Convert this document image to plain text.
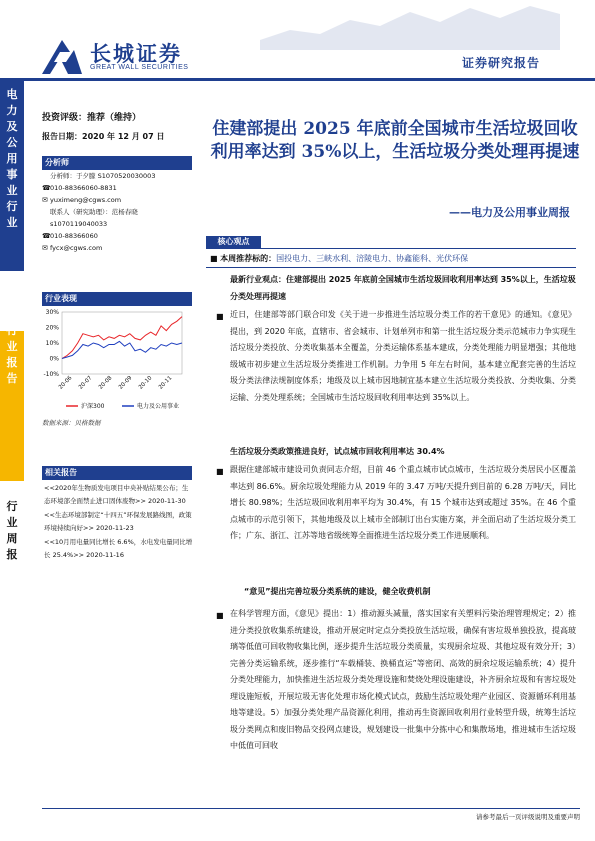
长城证券
GREAT WALL SECURITIES	证券研究报告
电力及公用事业行业
行业报告
行业周报
投资评级：推荐（维持）
报告日期：2020 年 12 月 07 日
分析师
分析师：于夕朦 S1070520030003
☎010-88366060-8831
✉ yuximeng@cgws.com
联系人（研究助理）：范杨春晓
s1070119040033
☎010-88366060
✉ fycx@cgws.com
行业表现
30%
20%
10%
0%
-10%
20-06 20-07 20-08 20-09 20-10 20-11
沪深300	电力及公用事业
数据来源：贝格数据
相关报告
<<2020年生物质发电项目中央补贴结果公布；生态环境部全面禁止进口固体废物>> 2020-11-30
<<生态环境部制定“十四五”环保发展路线图，政策环境持续向好>> 2020-11-23
<<10月用电量同比增长 6.6%，水电发电量同比增长 25.4%>> 2020-11-16
住建部提出 2025 年底前全国城市生活垃圾回收利用率达到 35%以上，生活垃圾分类处理再提速
——电力及公用事业周报
核心观点
■ 本周推荐标的：国投电力、三峡水利、涪陵电力、协鑫能科、光伏环保
最新行业观点：住建部提出 2025 年底前全国城市生活垃圾回收利用率达到 35%以上，生活垃圾分类处理再提速
■ 近日，住建部等部门联合印发《关于进一步推进生活垃圾分类工作的若干意见》的通知。《意见》提出，到 2020 年底，直辖市、省会城市、计划单列市和第一批生活垃圾分类示范城市力争实现生活垃圾分类投放、分类收集基本全覆盖，分类运输体系基本建成，分类处理能力明显增强；其他地级城市初步建立生活垃圾分类推进工作机制。力争用 5 年左右时间，基本建立配套完善的生活垃圾分类法律法规制度体系；地级及以上城市因地制宜基本建立生活垃圾分类投放、分类收集、分类运输、分类处理系统；全国城市生活垃圾回收利用率达到 35%以上。
生活垃圾分类政策推进良好，试点城市回收利用率达 30.4%
■ 跟据住建部城市建设司负责同志介绍，目前 46 个重点城市试点城市，生活垃圾分类居民小区覆盖率达到 86.6%。厨余垃圾处理能力从 2019 年的 3.47 万吨/天提升到目前的 6.28 万吨/天，同比增长 80.98%；生活垃圾回收利用率平均为 30.4%，有 15 个城市达到或超过 35%。在 46 个重点城市的示范引领下，其他地级及以上城市全部制订出台实施方案，并全面启动了生活垃圾分类工作；广东、浙江、江苏等地省级统筹全面推进生活垃圾分类工作进展顺利。
“意见”提出完善垃圾分类系统的建设，健全收费机制
■ 在科学管理方面，《意见》提出：1）推动源头减量，落实国家有关塑料污染治理管理规定；2）推进分类投放收集系统建设，推动开展定时定点分类投放生活垃圾，确保有害垃圾单独投放，提高玻璃等低值可回收物收集比例，逐步提升生活垃圾分类质量，实现厨余垃圾、其他垃圾有效分开；3）完善分类运输系统，逐步推行“车载桶装、换桶直运”等密闭、高效的厨余垃圾运输系统；4）提升分类处理能力，加快推进生活垃圾分类处理设施和焚烧处理设施建设，补齐厨余垃圾和有害垃圾处理设施短板，开展垃圾无害化处理市场化模式试点，鼓励生活垃圾处理产业园区、资源循环利用基地等建设。5）加强分类处理产品资源化利用，推动再生资源回收利用行业转型升级，统筹生活垃圾分类网点和废旧物品交投网点建设，规划建设一批集中分拣中心和集散场地，推进城市生活垃圾中低值可回收
请参考最后一页评级说明及重要声明
